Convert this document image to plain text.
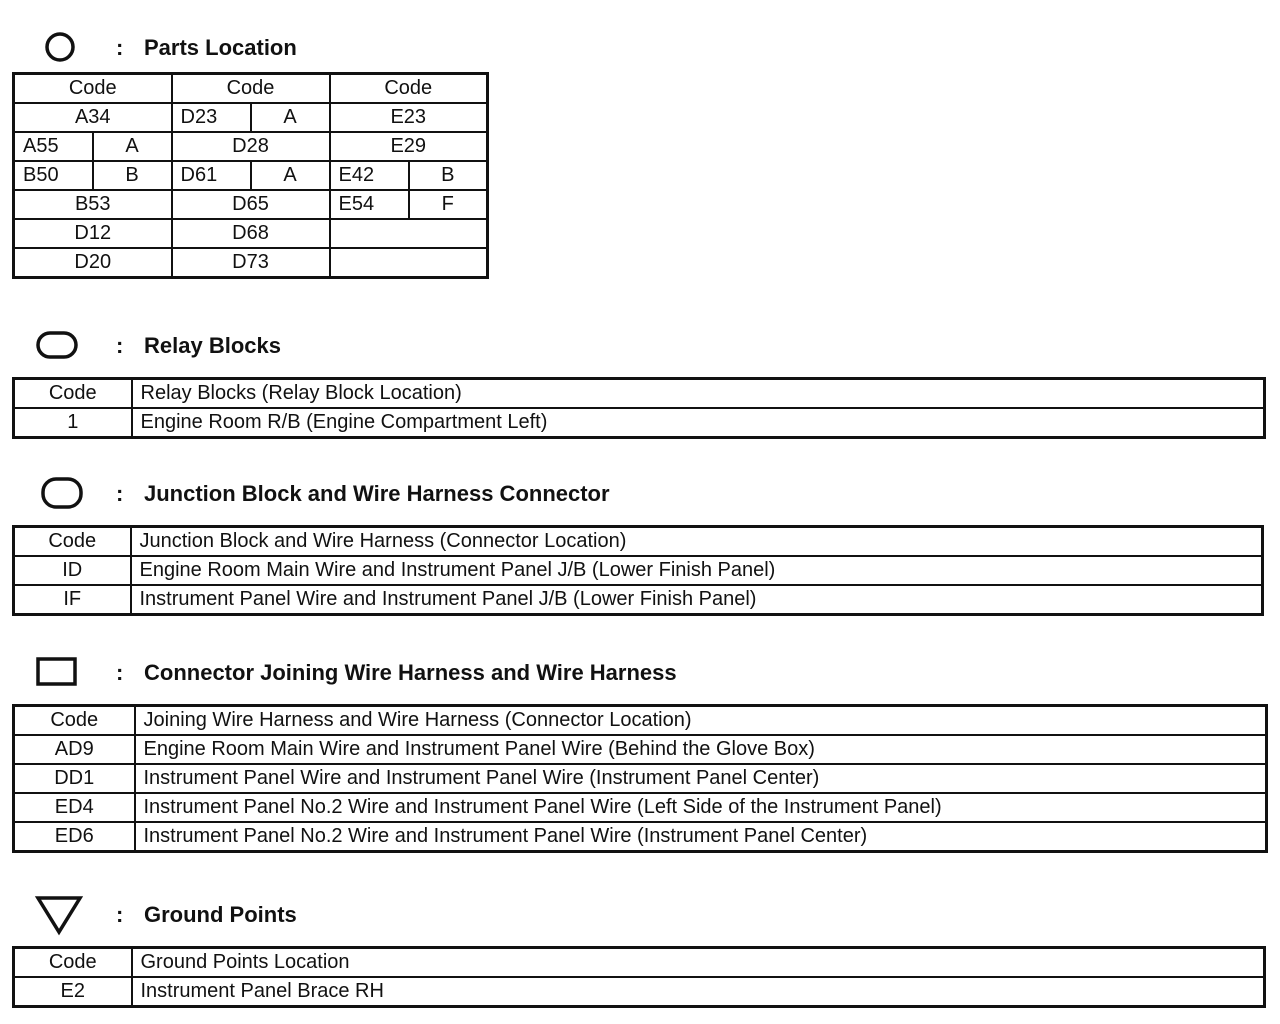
: Parts Location
Code		Code		Code	
A34		D23	A	E23	
A55	A	D28		E29	
B50	B	D61	A	E42	B
B53		D65		E54	F
D12		D68			
D20		D73			
: Relay Blocks
Code	Relay Blocks (Relay Block Location)
1	Engine Room R/B (Engine Compartment Left)
: Junction Block and Wire Harness Connector
Code	Junction Block and Wire Harness (Connector Location)
ID	Engine Room Main Wire and Instrument Panel J/B (Lower Finish Panel)
IF	Instrument Panel Wire and Instrument Panel J/B (Lower Finish Panel)
: Connector Joining Wire Harness and Wire Harness
Code	Joining Wire Harness and Wire Harness (Connector Location)
AD9	Engine Room Main Wire and Instrument Panel Wire (Behind the Glove Box)
DD1	Instrument Panel Wire and Instrument Panel Wire (Instrument Panel Center)
ED4	Instrument Panel No.2 Wire and Instrument Panel Wire (Left Side of the Instrument Panel)
ED6	Instrument Panel No.2 Wire and Instrument Panel Wire (Instrument Panel Center)
: Ground Points
Code	Ground Points Location
E2	Instrument Panel Brace RH
